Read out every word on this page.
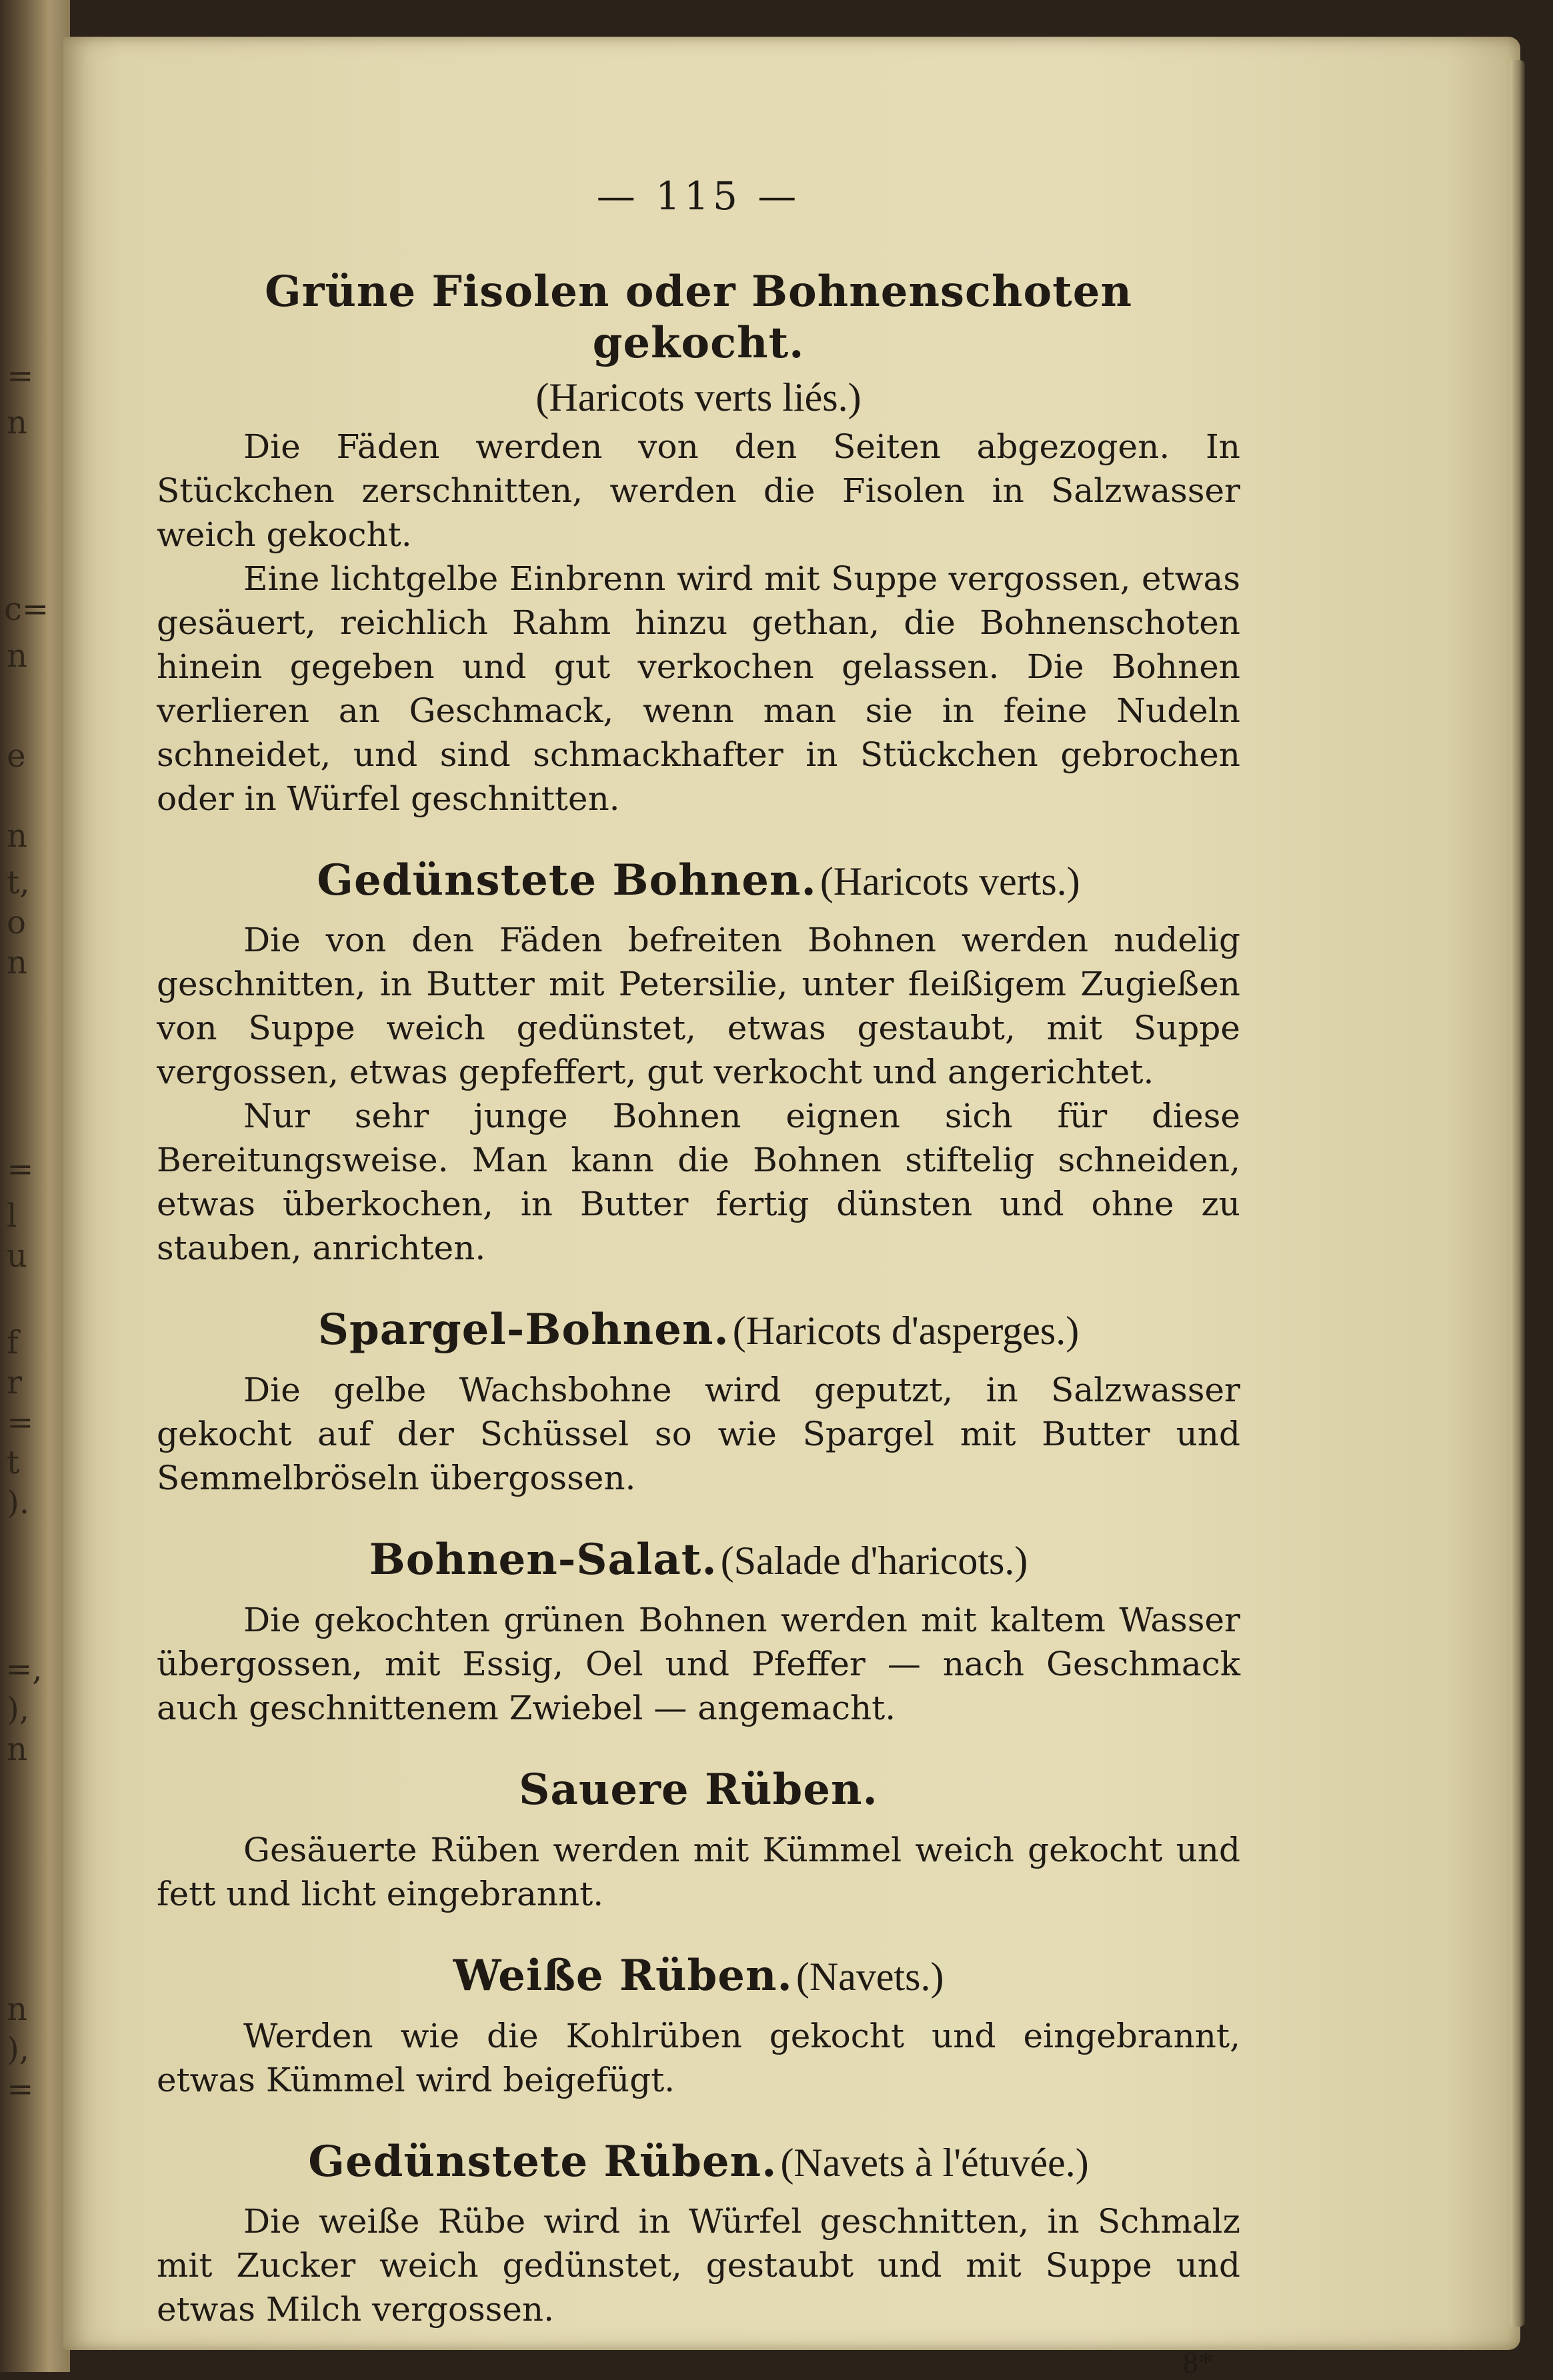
=
n
c=
n
e
n
t,
o
n
=
l
u
f
r
=
t
).
=,
),
n
n
),
=
— 115 —
Grüne Fisolen oder Bohnenschoten gekocht.
(Haricots verts liés.)

Die Fäden werden von den Seiten abgezogen. In Stückchen zerschnitten, werden die Fisolen in Salzwasser weich gekocht.

Eine lichtgelbe Einbrenn wird mit Suppe vergossen, etwas gesäuert, reichlich Rahm hinzu gethan, die Bohnenschoten hinein gegeben und gut verkochen gelassen. Die Bohnen verlieren an Geschmack, wenn man sie in feine Nudeln schneidet, und sind schmackhafter in Stückchen gebrochen oder in Würfel geschnitten.

Gedünstete Bohnen. (Haricots verts.)

Die von den Fäden befreiten Bohnen werden nudelig geschnitten, in Butter mit Petersilie, unter fleißigem Zugießen von Suppe weich gedünstet, etwas gestaubt, mit Suppe vergossen, etwas gepfeffert, gut verkocht und angerichtet.

Nur sehr junge Bohnen eignen sich für diese Bereitungsweise. Man kann die Bohnen stiftelig schneiden, etwas überkochen, in Butter fertig dünsten und ohne zu stauben, anrichten.

Spargel-Bohnen. (Haricots d'asperges.)

Die gelbe Wachsbohne wird geputzt, in Salzwasser gekocht auf der Schüssel so wie Spargel mit Butter und Semmelbröseln übergossen.

Bohnen-Salat. (Salade d'haricots.)

Die gekochten grünen Bohnen werden mit kaltem Wasser übergossen, mit Essig, Oel und Pfeffer — nach Geschmack auch geschnittenem Zwiebel — angemacht.

Sauere Rüben.

Gesäuerte Rüben werden mit Kümmel weich gekocht und fett und licht eingebrannt.

Weiße Rüben. (Navets.)

Werden wie die Kohlrüben gekocht und eingebrannt, etwas Kümmel wird beigefügt.

Gedünstete Rüben. (Navets à l'étuvée.)

Die weiße Rübe wird in Würfel geschnitten, in Schmalz mit Zucker weich gedünstet, gestaubt und mit Suppe und etwas Milch vergossen.

8*
